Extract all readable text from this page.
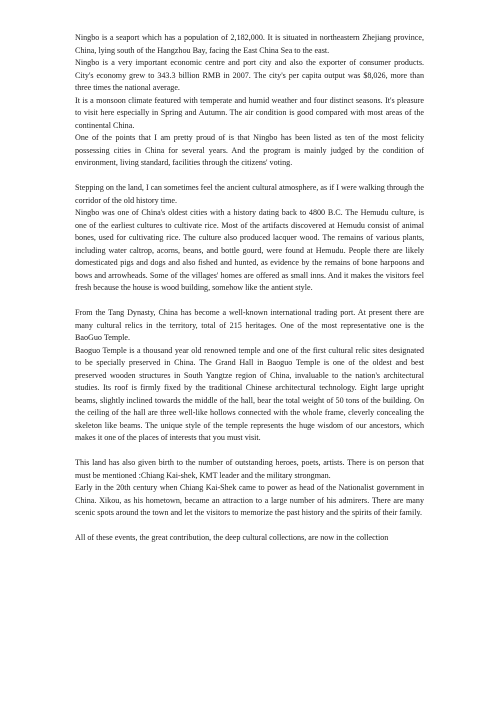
Ningbo is a seaport which has a population of 2,182,000. It is situated in northeastern Zhejiang province, China, lying south of the Hangzhou Bay, facing the East China Sea to the east.

Ningbo is a very important economic centre and port city and also the exporter of consumer products. City's economy grew to 343.3 billion RMB in 2007. The city's per capita output was $8,026, more than three times the national average.

It is a monsoon climate featured with temperate and humid weather and four distinct seasons. It's pleasure to visit here especially in Spring and Autumn. The air condition is good compared with most areas of the continental China.

One of the points that I am pretty proud of is that Ningbo has been listed as ten of the most felicity possessing cities in China for several years. And the program is mainly judged by the condition of environment, living standard, facilities through the citizens' voting.

Stepping on the land, I can sometimes feel the ancient cultural atmosphere, as if I were walking through the corridor of the old history time.

Ningbo was one of China's oldest cities with a history dating back to 4800 B.C. The Hemudu culture, is one of the earliest cultures to cultivate rice. Most of the artifacts discovered at Hemudu consist of animal bones, used for cultivating rice. The culture also produced lacquer wood. The remains of various plants, including water caltrop, acorns, beans, and bottle gourd, were found at Hemudu. People there are likely domesticated pigs and dogs and also fished and hunted, as evidence by the remains of bone harpoons and bows and arrowheads. Some of the villages' homes are offered as small inns. And it makes the visitors feel fresh because the house is wood building, somehow like the antient style.

From the Tang Dynasty, China has become a well-known international trading port. At present there are many cultural relics in the territory, total of 215 heritages. One of the most representative one is the BaoGuo Temple.

Baoguo Temple is a thousand year old renowned temple and one of the first cultural relic sites designated to be specially preserved in China. The Grand Hall in Baoguo Temple is one of the oldest and best preserved wooden structures in South Yangtze region of China, invaluable to the nation's architectural studies. Its roof is firmly fixed by the traditional Chinese architectural technology. Eight large upright beams, slightly inclined towards the middle of the hall, bear the total weight of 50 tons of the building. On the ceiling of the hall are three well-like hollows connected with the whole frame, cleverly concealing the skeleton like beams. The unique style of the temple represents the huge wisdom of our ancestors, which makes it one of the places of interests that you must visit.

This land has also given birth to the number of outstanding heroes, poets, artists. There is on person that must be mentioned :Chiang Kai-shek, KMT leader and the military strongman.

Early in the 20th century when Chiang Kai-Shek came to power as head of the Nationalist government in China. Xikou, as his hometown, became an attraction to a large number of his admirers. There are many scenic spots around the town and let the visitors to memorize the past history and the spirits of their family.

All of these events, the great contribution, the deep cultural collections, are now in the collection
